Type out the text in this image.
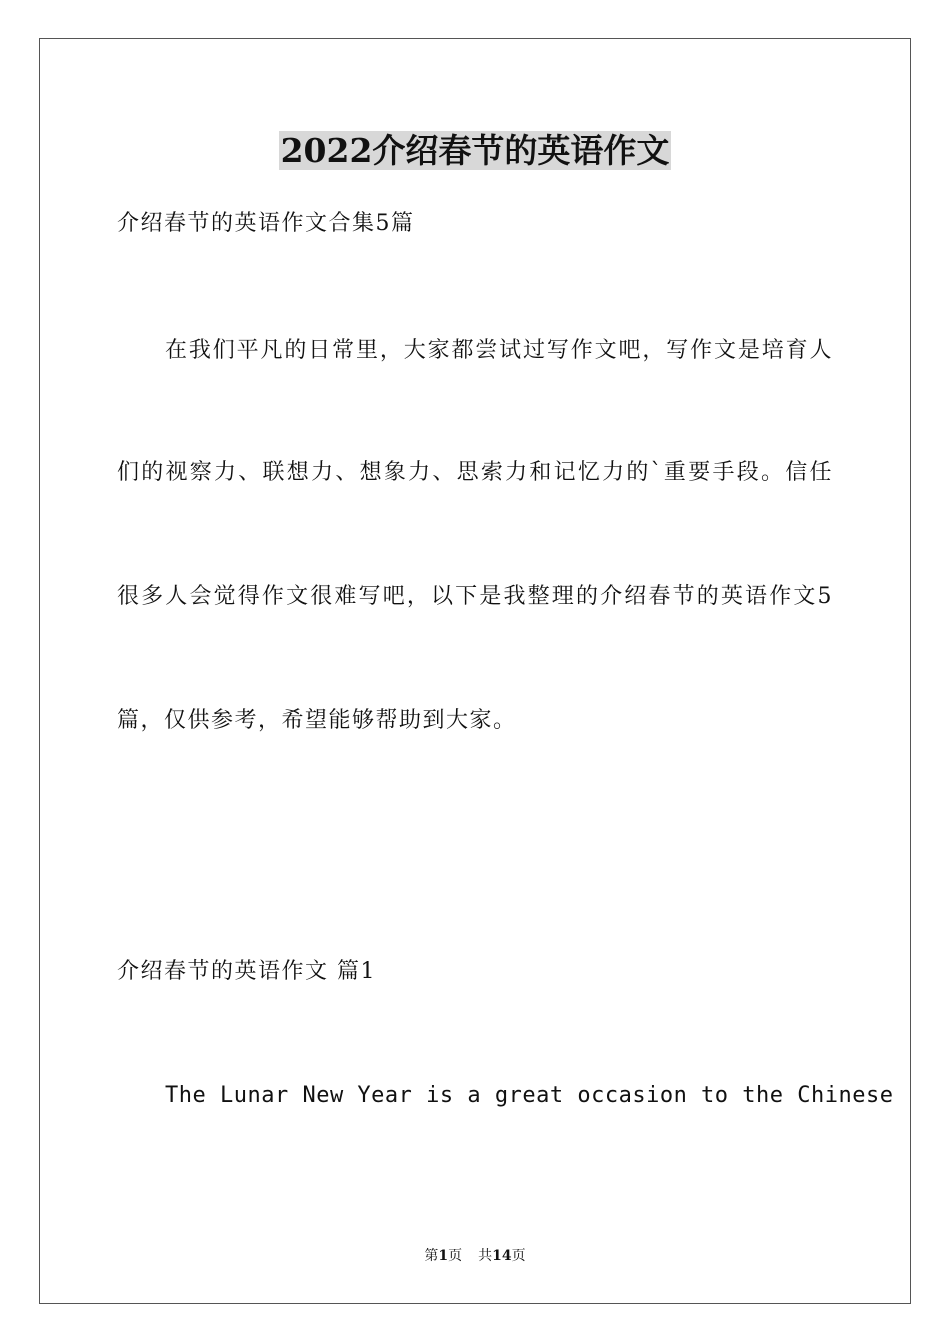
2022介绍春节的英语作文
介绍春节的英语作文合集5篇
在我们平凡的日常里，大家都尝试过写作文吧，写作文是培育人
们的视察力、联想力、想象力、思索力和记忆力的`重要手段。信任
很多人会觉得作文很难写吧，以下是我整理的介绍春节的英语作文5
篇，仅供参考，希望能够帮助到大家。
介绍春节的英语作文 篇1
The Lunar New Year is a great occasion to the Chinese
第1页 共14页
